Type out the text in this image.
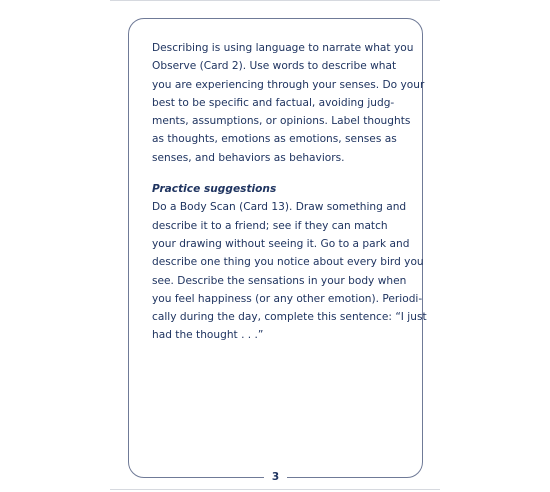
Describing is using language to narrate what you
Observe (Card 2). Use words to describe what
you are experiencing through your senses. Do your
best to be specific and factual, avoiding judg-
ments, assumptions, or opinions. Label thoughts
as thoughts, emotions as emotions, senses as
senses, and behaviors as behaviors.
Practice suggestions
Do a Body Scan (Card 13). Draw something and
describe it to a friend; see if they can match
your drawing without seeing it. Go to a park and
describe one thing you notice about every bird you
see. Describe the sensations in your body when
you feel happiness (or any other emotion). Periodi-
cally during the day, complete this sentence: “I just
had the thought . . .”
3
